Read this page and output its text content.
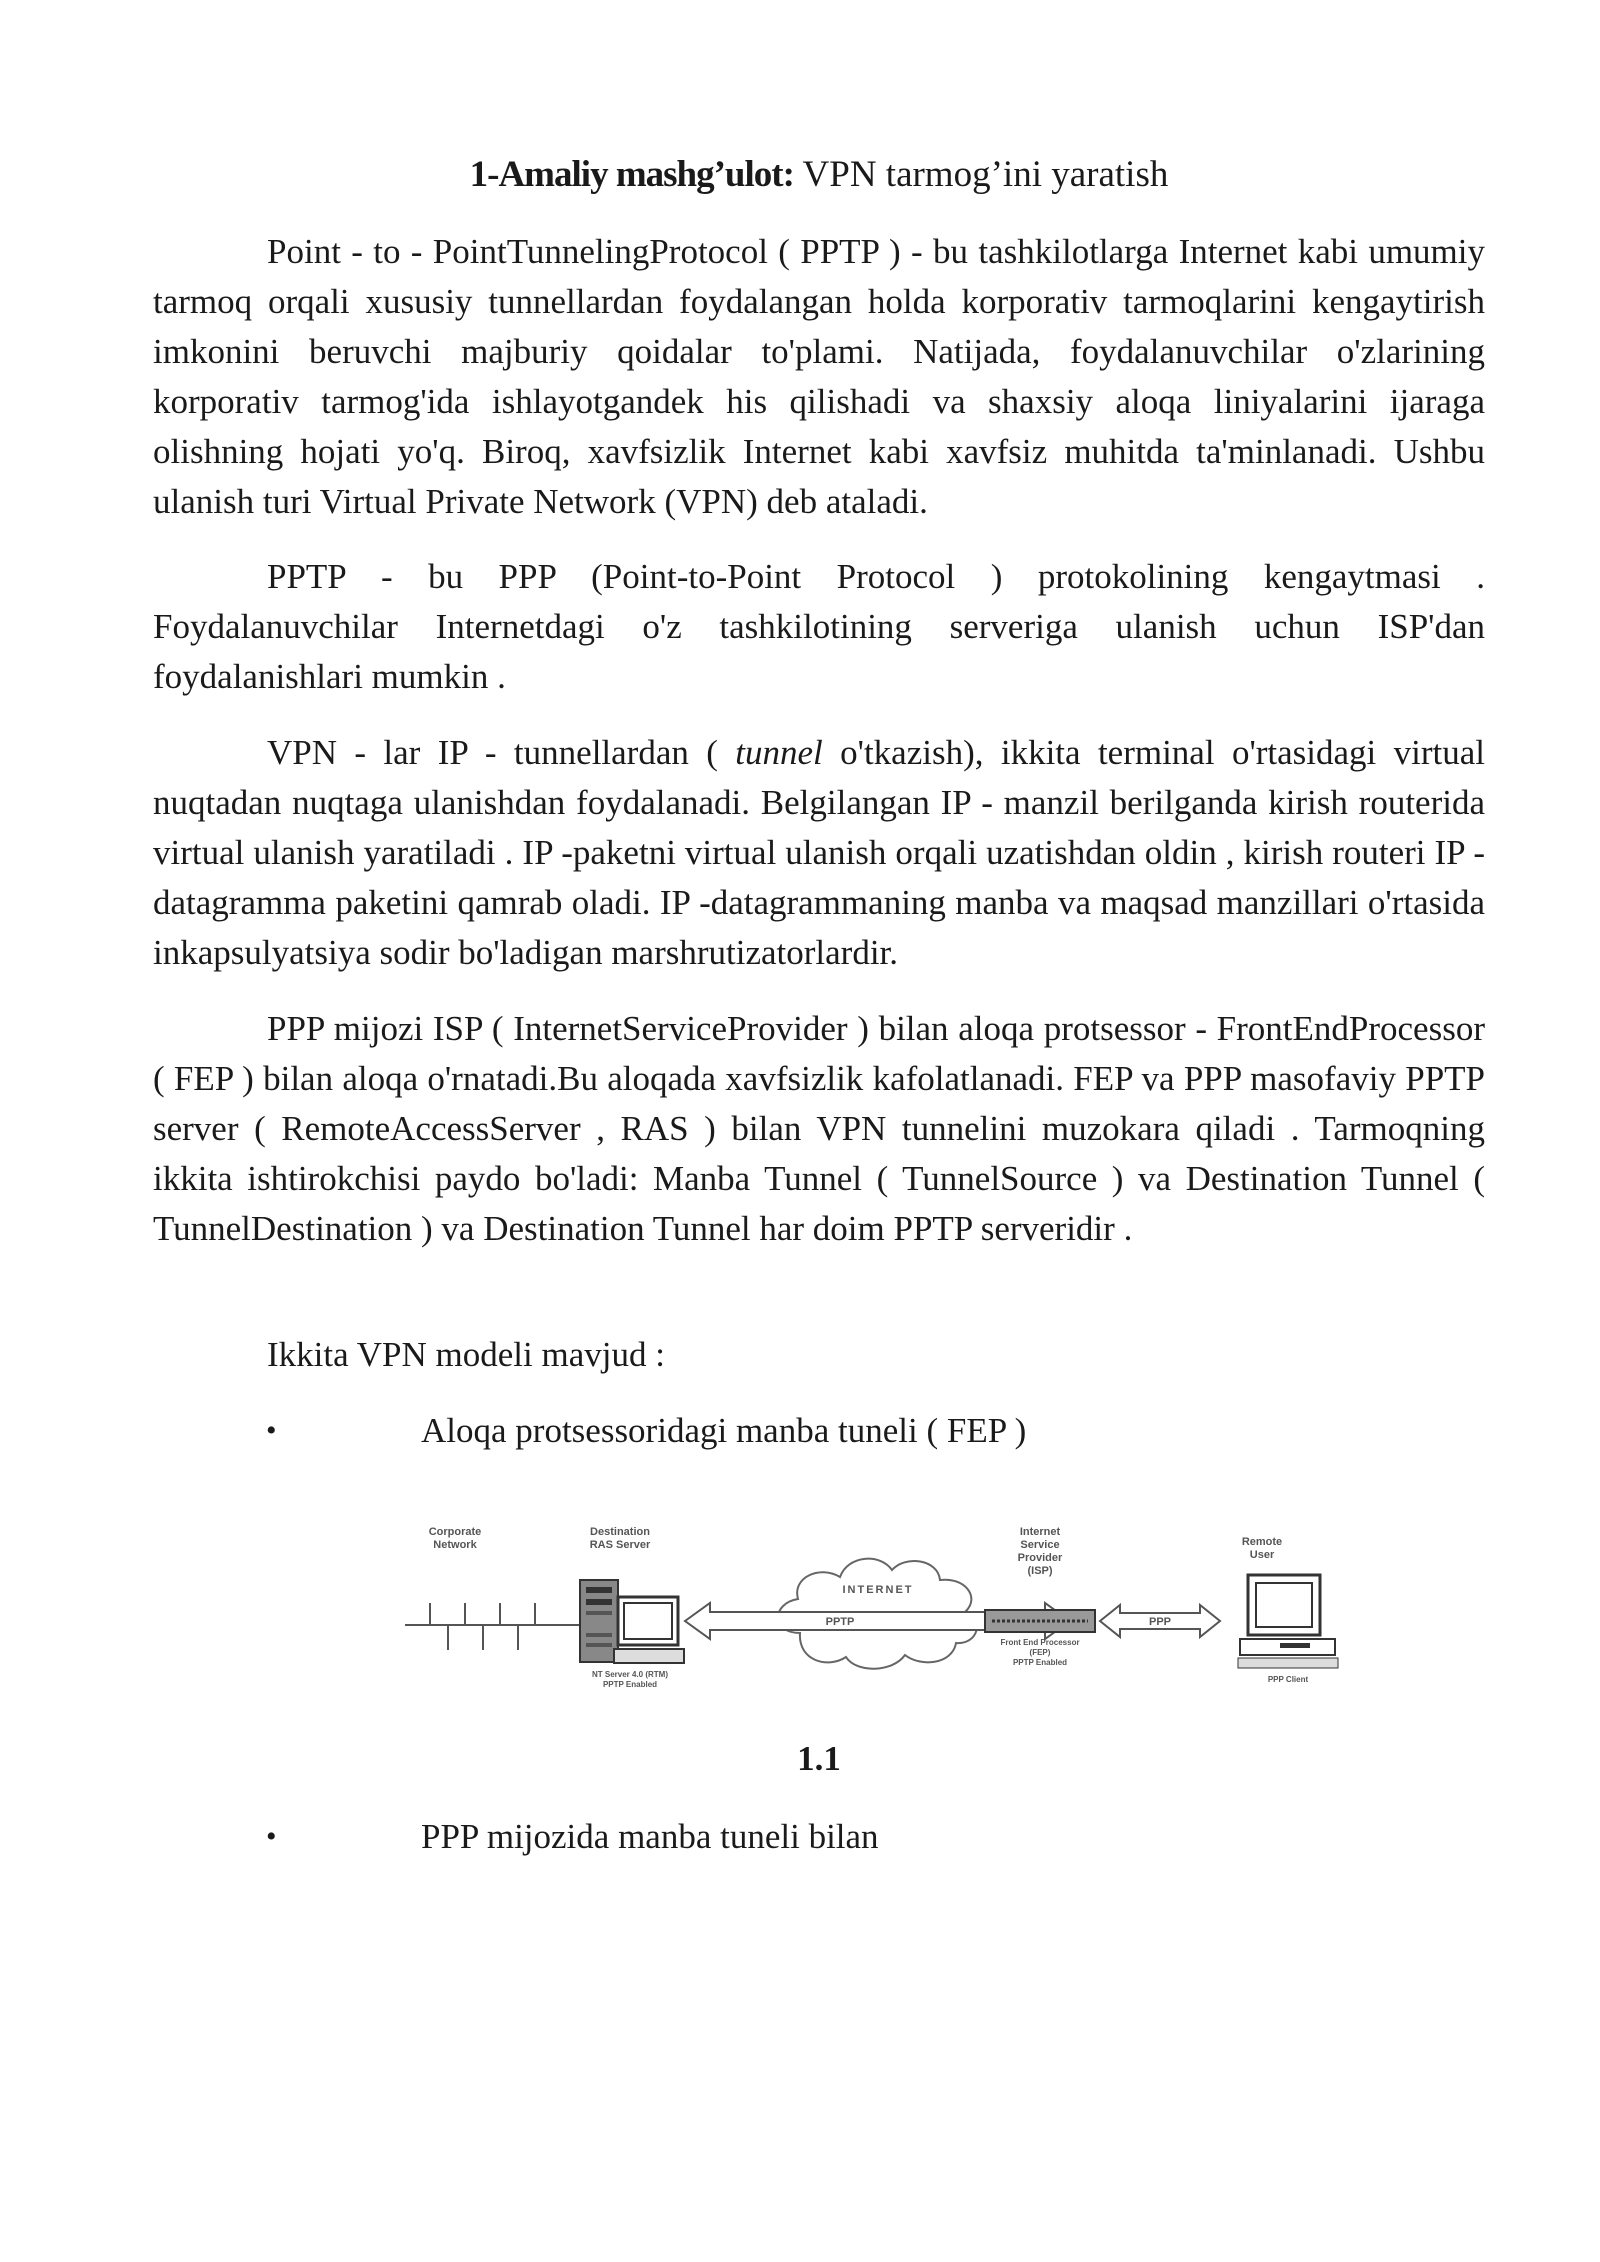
1-Amaliy mashg’ulot: VPN tarmog’ini yaratish

Point - to - PointTunnelingProtocol ( PPTP ) - bu tashkilotlarga Internet kabi umumiy tarmoq orqali xususiy tunnellardan foydalangan holda korporativ tarmoqlarini kengaytirish imkonini beruvchi majburiy qoidalar to'plami. Natijada, foydalanuvchilar o'zlarining korporativ tarmog'ida ishlayotgandek his qilishadi va shaxsiy aloqa liniyalarini ijaraga olishning hojati yo'q. Biroq, xavfsizlik Internet kabi xavfsiz muhitda ta'minlanadi. Ushbu ulanish turi Virtual Private Network (VPN) deb ataladi.

PPTP - bu PPP (Point-to-Point Protocol ) protokolining kengaytmasi . Foydalanuvchilar Internetdagi o'z tashkilotining serveriga ulanish uchun ISP'dan foydalanishlari mumkin .

VPN - lar IP - tunnellardan ( tunnel o'tkazish), ikkita terminal o'rtasidagi virtual nuqtadan nuqtaga ulanishdan foydalanadi. Belgilangan IP - manzil berilganda kirish routerida virtual ulanish yaratiladi . IP -paketni virtual ulanish orqali uzatishdan oldin , kirish routeri IP - datagramma paketini qamrab oladi. IP -datagrammaning manba va maqsad manzillari o'rtasida inkapsulyatsiya sodir bo'ladigan marshrutizatorlardir.

PPP mijozi ISP ( InternetServiceProvider ) bilan aloqa protsessor - FrontEndProcessor ( FEP ) bilan aloqa o'rnatadi.Bu aloqada xavfsizlik kafolatlanadi. FEP va PPP masofaviy PPTP server ( RemoteAccessServer , RAS ) bilan VPN tunnelini muzokara qiladi . Tarmoqning ikkita ishtirokchisi paydo bo'ladi: Manba Tunnel ( TunnelSource ) va Destination Tunnel ( TunnelDestination ) va Destination Tunnel har doim PPTP serveridir .

Ikkita VPN modeli mavjud :

•	Aloqa protsessoridagi manba tuneli ( FEP )
Corporate
Network
Destination
RAS Server
NT Server 4.0 (RTM)
PPTP Enabled
INTERNET
PPTP
Internet
Service
Provider
(ISP)
Front End Processor
(FEP)
PPTP Enabled
PPP
Remote
User
PPP Client
1.1
•	PPP mijozida manba tuneli bilan
